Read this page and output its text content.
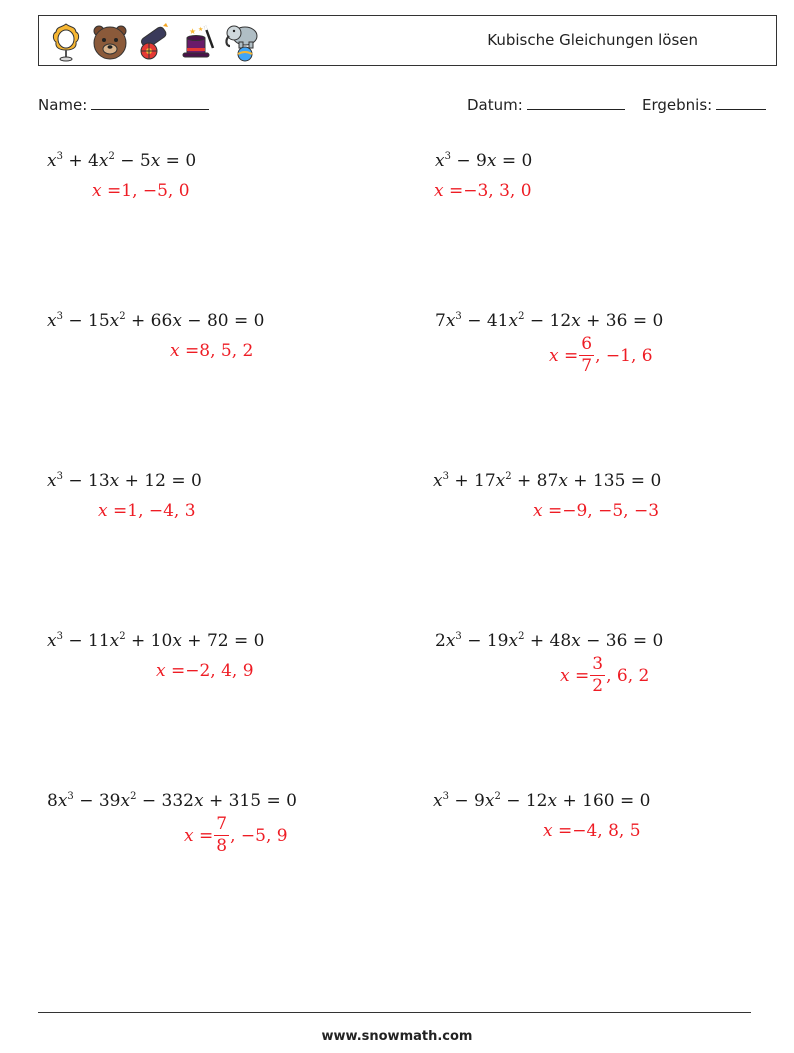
★ ★
Kubische Gleichungen lösen
Name:	Datum:	Ergebnis:
$x^3 + 4x^2 - 5x = 0$
x = 1, −5, 0
$x^3 - 9x = 0$
x = −3, 3, 0
$x^3 - 15x^2 + 66x - 80 = 0$
x = 8, 5, 2
$7x^3 - 41x^2 - 12x + 36 = 0$
$x = \frac{6}{7}$ , −1, 6
$x^3 - 13x + 12 = 0$
x = 1, −4, 3
$x^3 + 17x^2 + 87x + 135 = 0$
x = −9, −5, −3
$x^3 - 11x^2 + 10x + 72 = 0$
x = −2, 4, 9
$2x^3 - 19x^2 + 48x - 36 = 0$
$x = \frac{3}{2}$ , 6, 2
$8x^3 - 39x^2 - 332x + 315 = 0$
$x = \frac{7}{8}$ , −5, 9
$x^3 - 9x^2 - 12x + 160 = 0$
x = −4, 8, 5
www.snowmath.com
